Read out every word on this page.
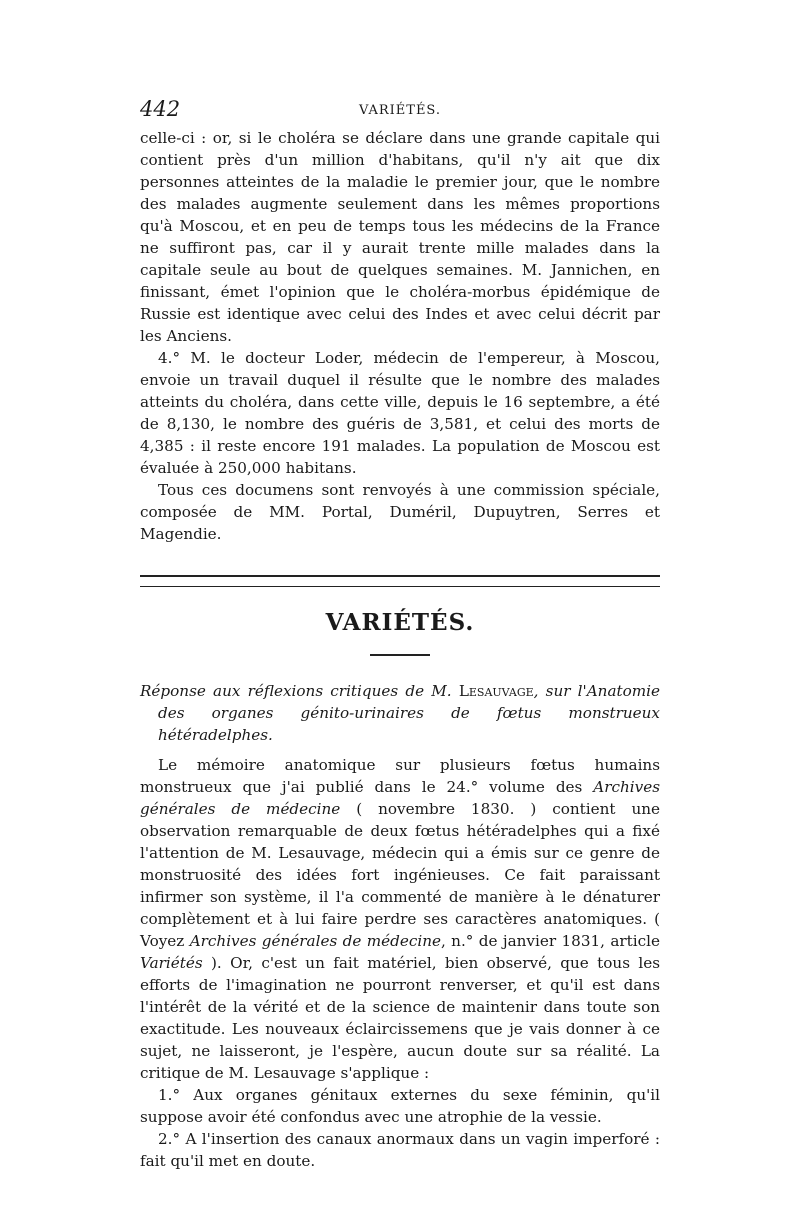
442	VARIÉTÉS.

celle-ci : or, si le choléra se déclare dans une grande capitale qui contient près d'un million d'habitans, qu'il n'y ait que dix personnes atteintes de la maladie le premier jour, que le nombre des malades augmente seulement dans les mêmes proportions qu'à Moscou, et en peu de temps tous les médecins de la France ne suffiront pas, car il y aurait trente mille malades dans la capitale seule au bout de quelques semaines. M. Jannichen, en finissant, émet l'opinion que le choléra-morbus épidémique de Russie est identique avec celui des Indes et avec celui décrit par les Anciens.

4.° M. le docteur Loder, médecin de l'empereur, à Moscou, envoie un travail duquel il résulte que le nombre des malades atteints du choléra, dans cette ville, depuis le 16 septembre, a été de 8,130, le nombre des guéris de 3,581, et celui des morts de 4,385 : il reste encore 191 malades. La population de Moscou est évaluée à 250,000 habitans.

Tous ces documens sont renvoyés à une commission spéciale, composée de MM. Portal, Duméril, Dupuytren, Serres et Magendie.

VARIÉTÉS.
Réponse aux réflexions critiques de M. Lesauvage, sur l'Anatomie des organes génito-urinaires de fœtus monstrueux hétéradelphes.

Le mémoire anatomique sur plusieurs fœtus humains monstrueux que j'ai publié dans le 24.° volume des Archives générales de médecine ( novembre 1830. ) contient une observation remarquable de deux fœtus hétéradelphes qui a fixé l'attention de M. Lesauvage, médecin qui a émis sur ce genre de monstruosité des idées fort ingénieuses. Ce fait paraissant infirmer son système, il l'a commenté de manière à le dénaturer complètement et à lui faire perdre ses caractères anatomiques. ( Voyez Archives générales de médecine, n.° de janvier 1831, article Variétés ). Or, c'est un fait matériel, bien observé, que tous les efforts de l'imagination ne pourront renverser, et qu'il est dans l'intérêt de la vérité et de la science de maintenir dans toute son exactitude. Les nouveaux éclaircissemens que je vais donner à ce sujet, ne laisseront, je l'espère, aucun doute sur sa réalité. La critique de M. Lesauvage s'applique :

1.° Aux organes génitaux externes du sexe féminin, qu'il suppose avoir été confondus avec une atrophie de la vessie.

2.° A l'insertion des canaux anormaux dans un vagin imperforé : fait qu'il met en doute.
